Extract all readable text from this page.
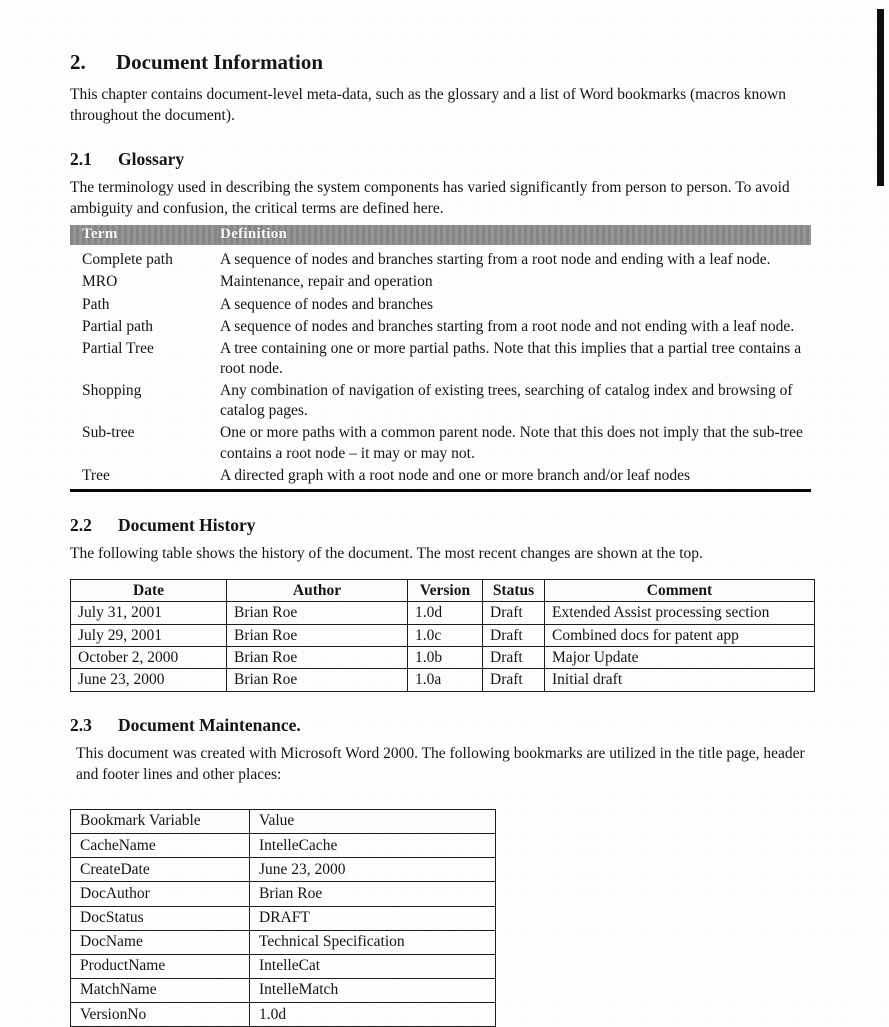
2.	Document Information

This chapter contains document-level meta-data, such as the glossary and a list of Word bookmarks (macros known throughout the document).

2.1	Glossary

The terminology used in describing the system components has varied significantly from person to person. To avoid ambiguity and confusion, the critical terms are defined here.

Term	Definition
Complete path	A sequence of nodes and branches starting from a root node and ending with a leaf node.
MRO	Maintenance, repair and operation
Path	A sequence of nodes and branches
Partial path	A sequence of nodes and branches starting from a root node and not ending with a leaf node.
Partial Tree	A tree containing one or more partial paths. Note that this implies that a partial tree contains a root node.
Shopping	Any combination of navigation of existing trees, searching of catalog index and browsing of catalog pages.
Sub-tree	One or more paths with a common parent node. Note that this does not imply that the sub-tree contains a root node – it may or may not.
Tree	A directed graph with a root node and one or more branch and/or leaf nodes
2.2	Document History

The following table shows the history of the document. The most recent changes are shown at the top.

Date	Author	Version	Status	Comment
July 31, 2001	Brian Roe	1.0d	Draft	Extended Assist processing section
July 29, 2001	Brian Roe	1.0c	Draft	Combined docs for patent app
October 2, 2000	Brian Roe	1.0b	Draft	Major Update
June 23, 2000	Brian Roe	1.0a	Draft	Initial draft
2.3	Document Maintenance.

This document was created with Microsoft Word 2000. The following bookmarks are utilized in the title page, header and footer lines and other places:

Bookmark Variable	Value
CacheName	IntelleCache
CreateDate	June 23, 2000
DocAuthor	Brian Roe
DocStatus	DRAFT
DocName	Technical Specification
ProductName	IntelleCat
MatchName	IntelleMatch
VersionNo	1.0d
